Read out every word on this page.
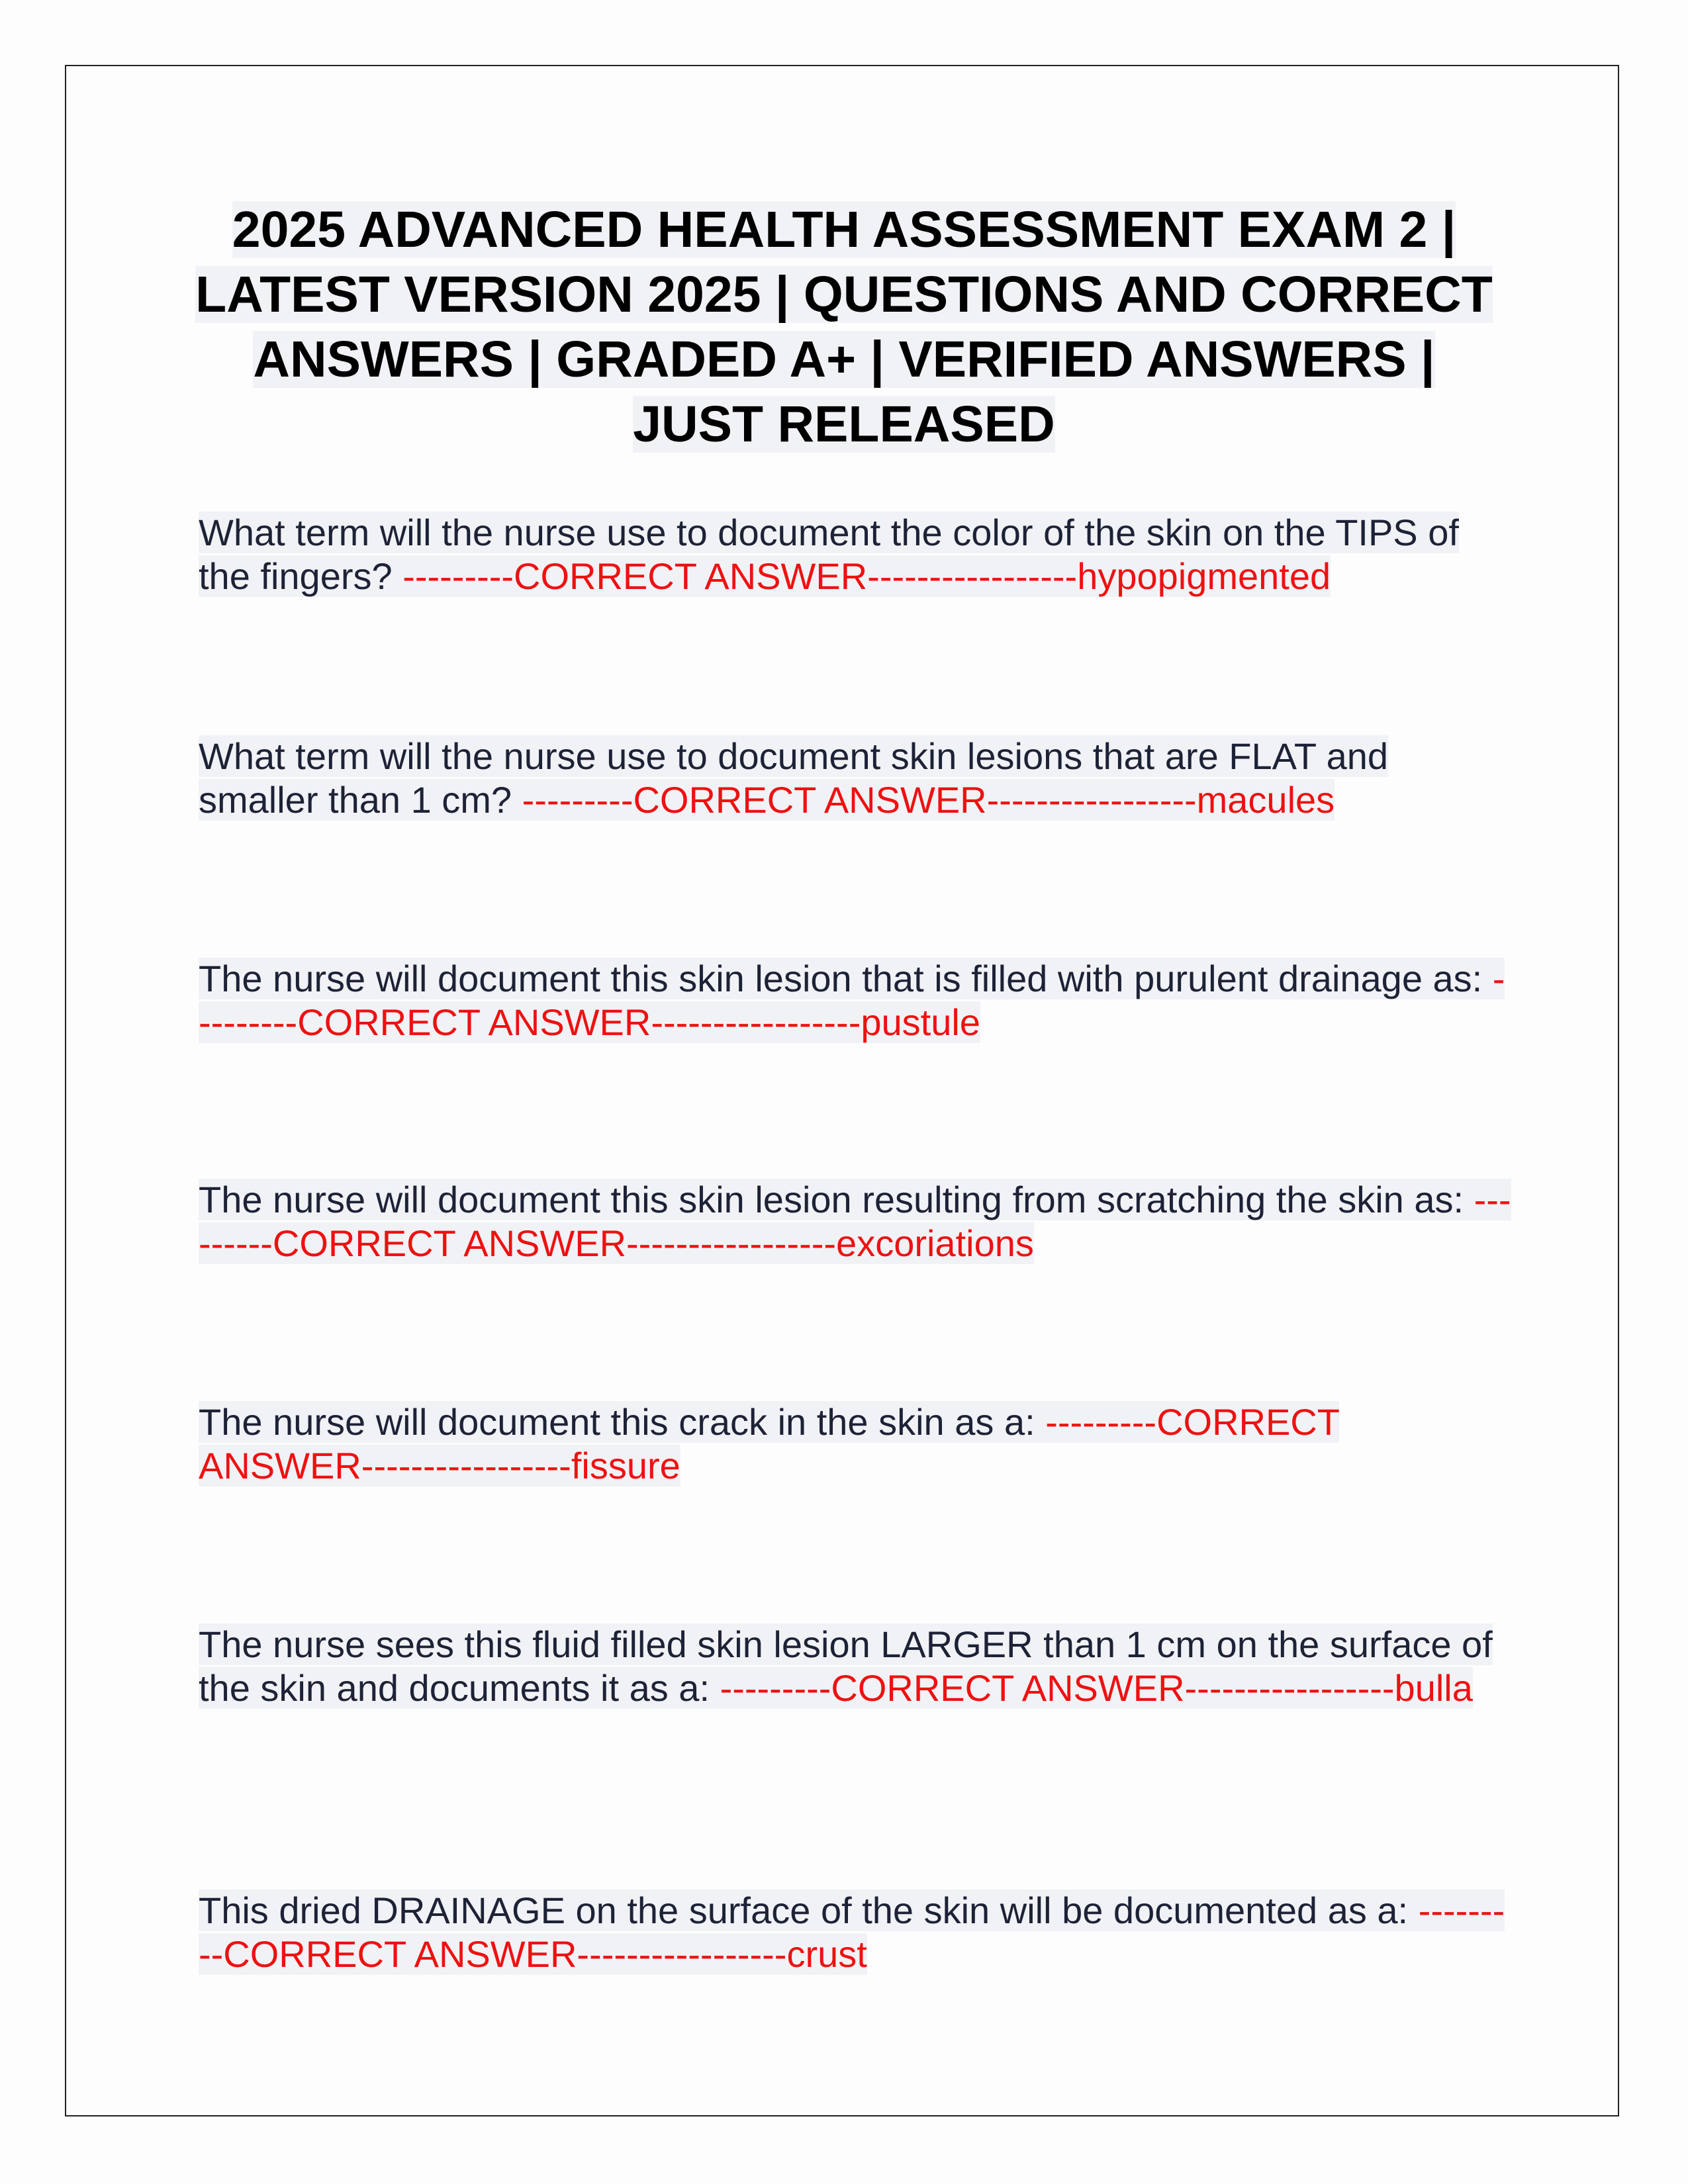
2025 ADVANCED HEALTH ASSESSMENT EXAM 2 | LATEST VERSION 2025 | QUESTIONS AND CORRECT ANSWERS | GRADED A+ | VERIFIED ANSWERS | JUST RELEASED

What term will the nurse use to document the color of the skin on the TIPS of the fingers? ---------CORRECT ANSWER-----------------hypopigmented

What term will the nurse use to document skin lesions that are FLAT and smaller than 1 cm? ---------CORRECT ANSWER-----------------macules

The nurse will document this skin lesion that is filled with purulent drainage as: ---------CORRECT ANSWER-----------------pustule

The nurse will document this skin lesion resulting from scratching the skin as: ---------CORRECT ANSWER-----------------excoriations

The nurse will document this crack in the skin as a: ---------CORRECT ANSWER-----------------fissure

The nurse sees this fluid filled skin lesion LARGER than 1 cm on the surface of the skin and documents it as a: ---------CORRECT ANSWER-----------------bulla

This dried DRAINAGE on the surface of the skin will be documented as a: ---------CORRECT ANSWER-----------------crust
